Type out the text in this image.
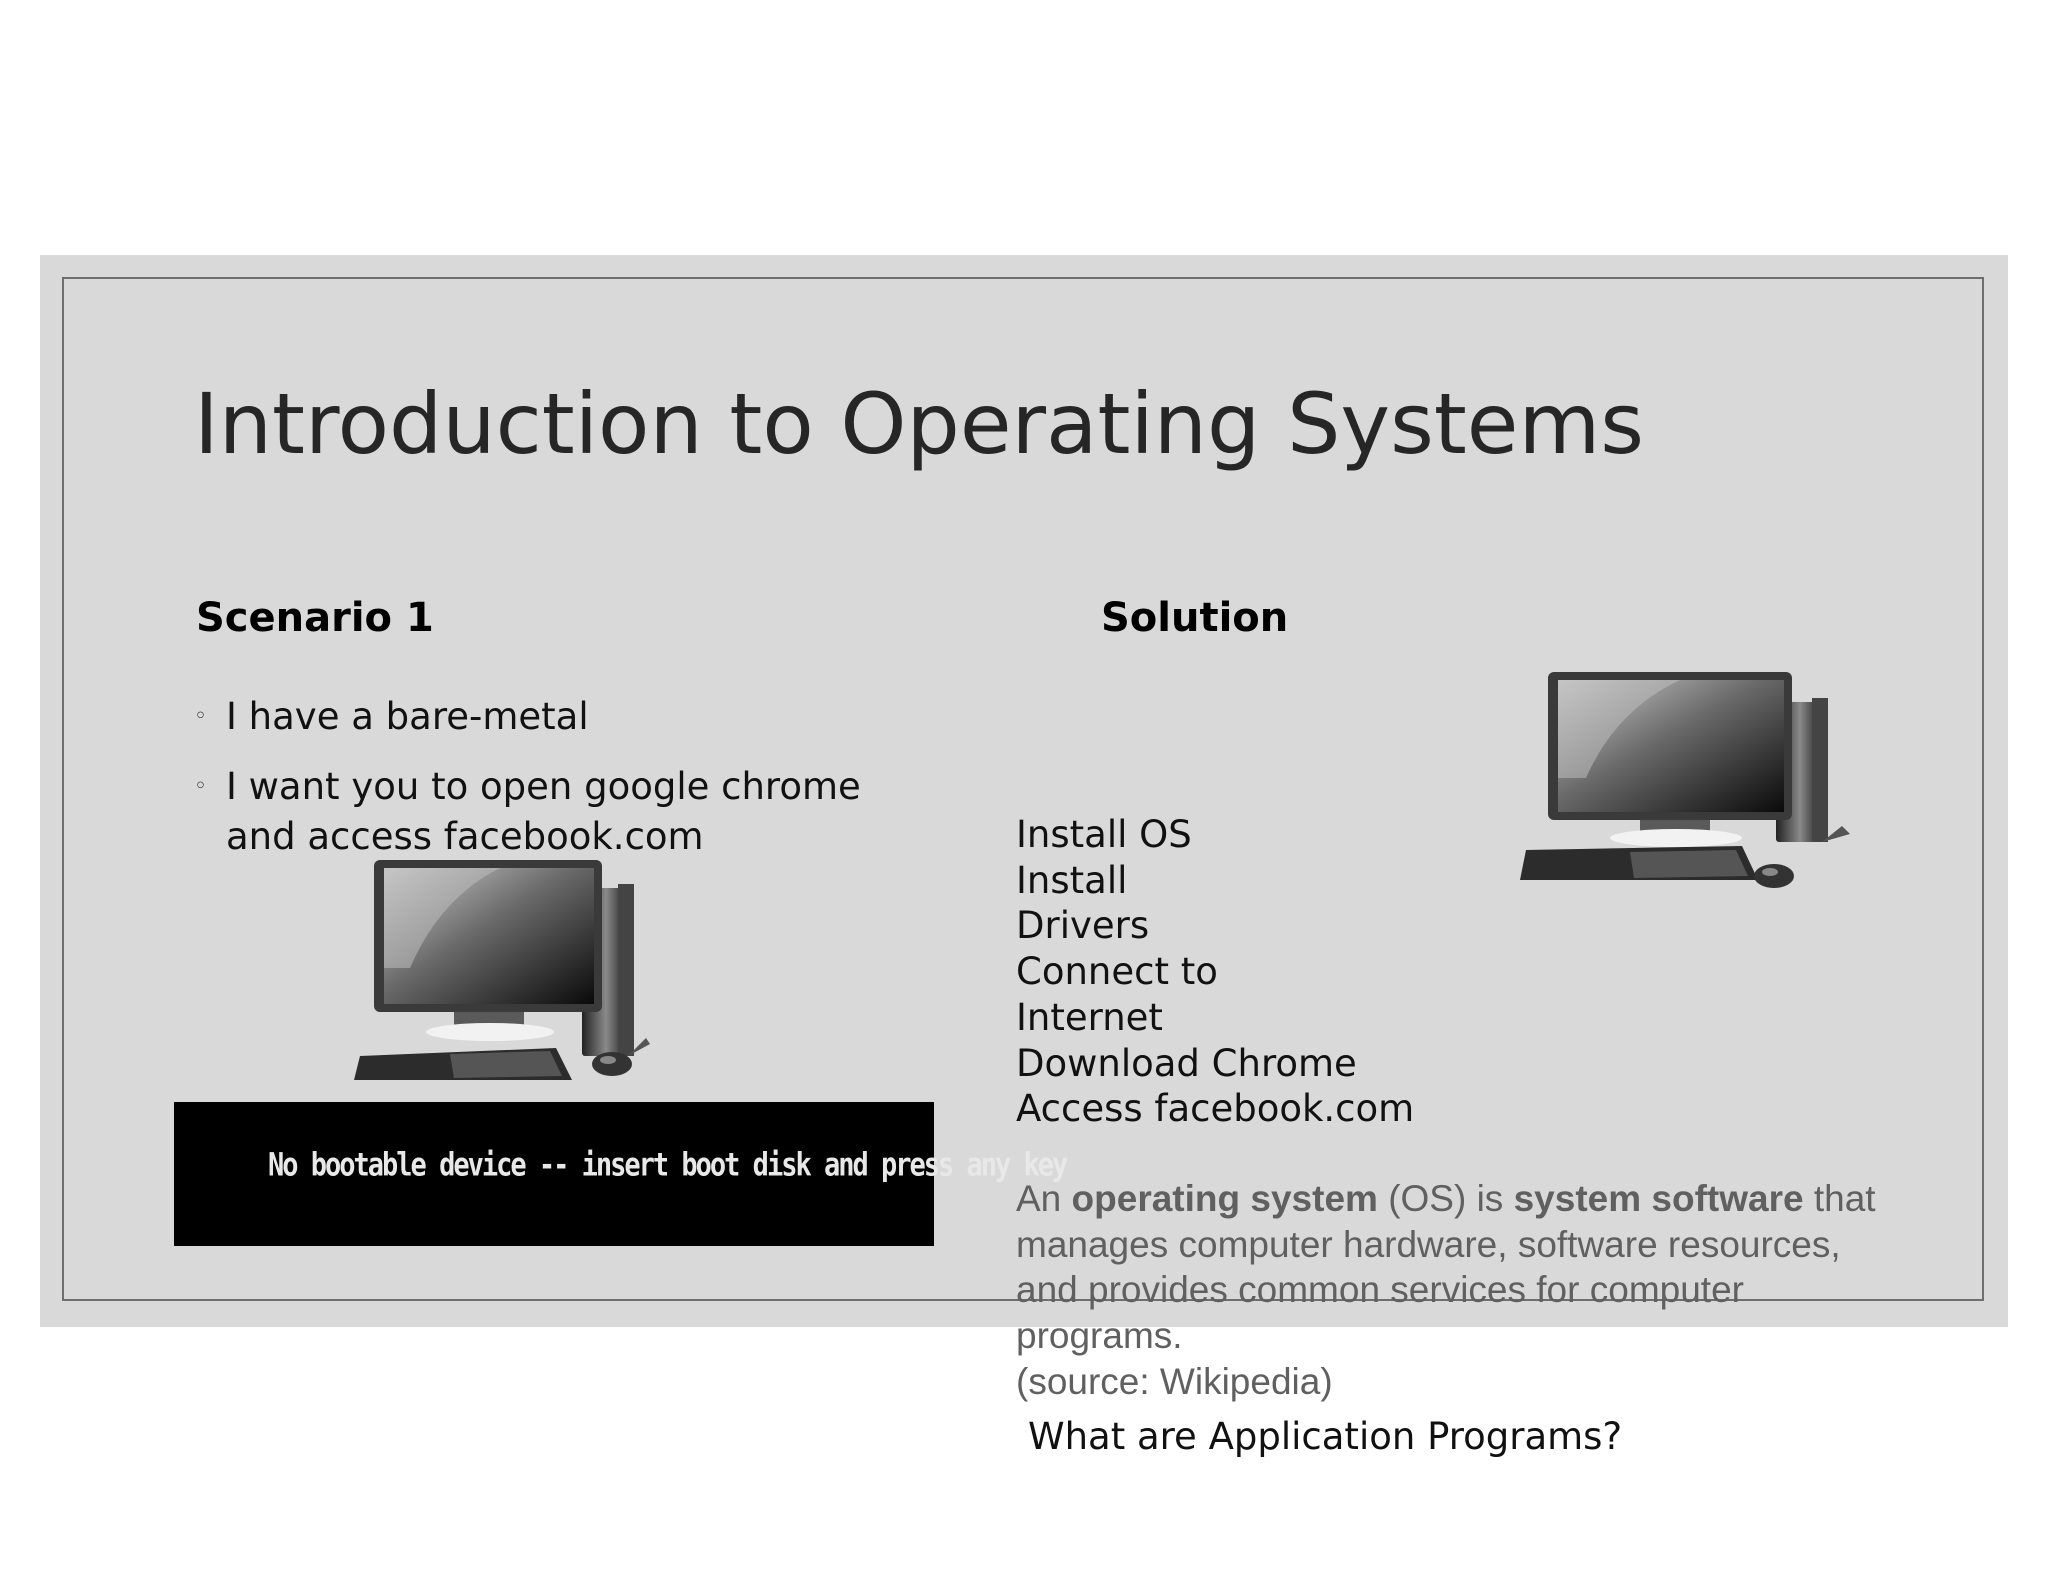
Introduction to Operating Systems
Scenario 1	Solution
◦ I have a bare-metal
◦ I want you to open google chrome and access facebook.com	Install OS
Install
Drivers
Connect to
Internet
Download Chrome
Access facebook.com
No bootable device -- insert boot disk and press any key
An operating system (OS) is system software that manages computer hardware, software resources, and provides common services for computer programs.
(source: Wikipedia)
What are Application Programs?
